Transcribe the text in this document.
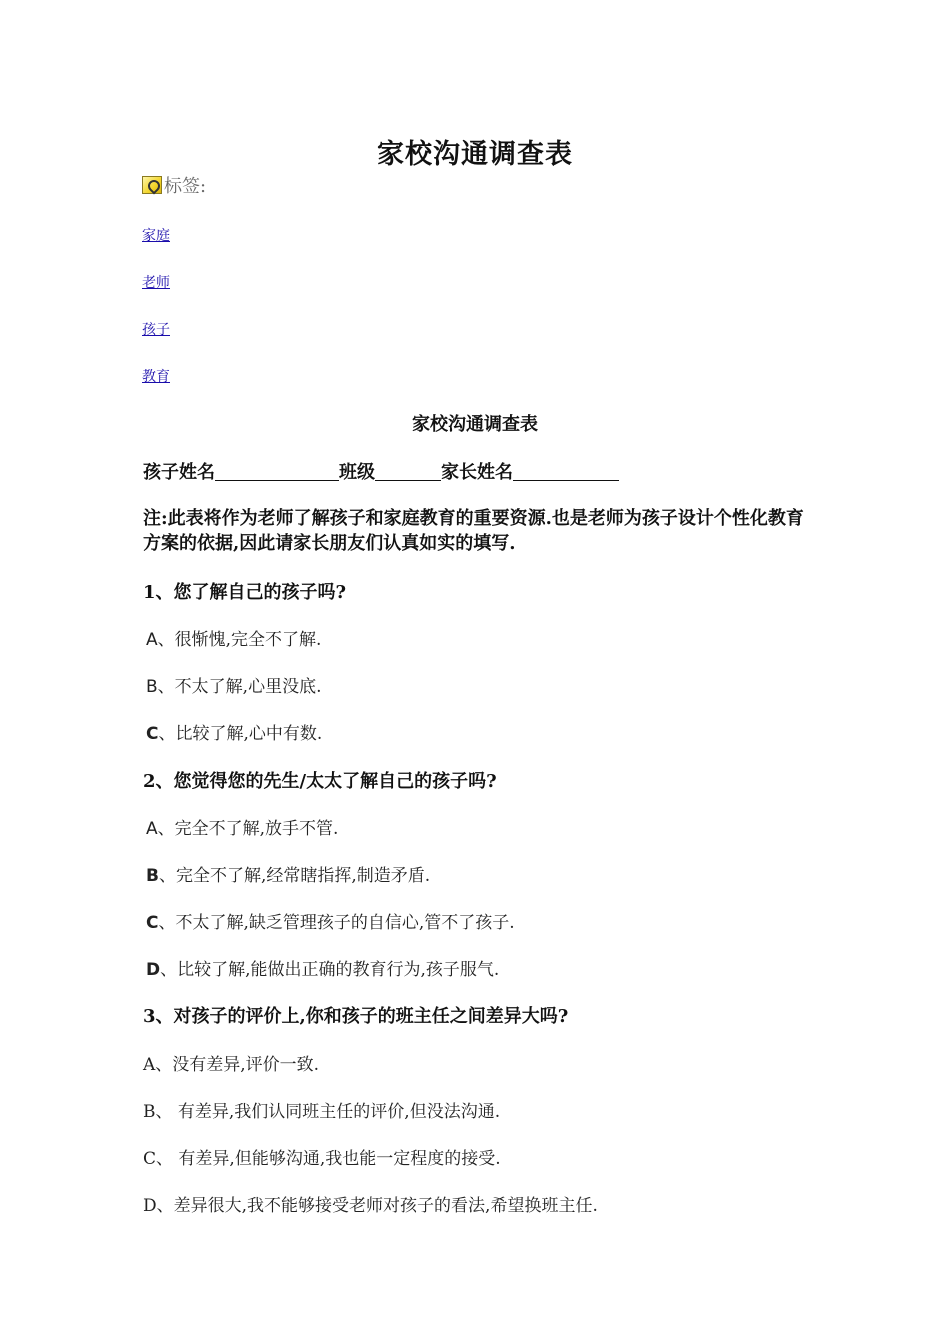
家校沟通调查表
标签:
家庭
老师
孩子
教育
家校沟通调查表
孩子姓名	班级	家长姓名
注:此表将作为老师了解孩子和家庭教育的重要资源.也是老师为孩子设计个性化教育方案的依据,因此请家长朋友们认真如实的填写.
1、您了解自己的孩子吗?
A、很惭愧,完全不了解.
B、不太了解,心里没底.
C、比较了解,心中有数.
2、您觉得您的先生/太太了解自己的孩子吗?
A、完全不了解,放手不管.
B、完全不了解,经常瞎指挥,制造矛盾.
C、不太了解,缺乏管理孩子的自信心,管不了孩子.
D、比较了解,能做出正确的教育行为,孩子服气.
3、对孩子的评价上,你和孩子的班主任之间差异大吗?
A、没有差异,评价一致.
B、 有差异,我们认同班主任的评价,但没法沟通.
C、 有差异,但能够沟通,我也能一定程度的接受.
D、差异很大,我不能够接受老师对孩子的看法,希望换班主任.
